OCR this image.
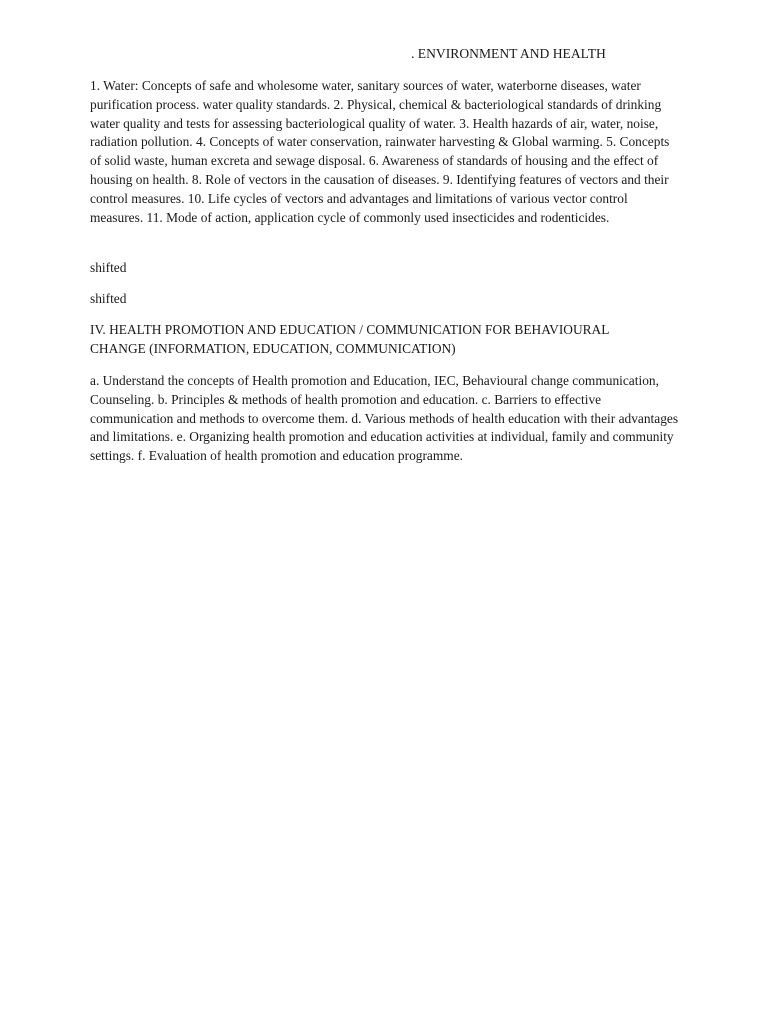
. ENVIRONMENT AND HEALTH

1. Water: Concepts of safe and wholesome water, sanitary sources of water, waterborne diseases, water purification process. water quality standards. 2. Physical, chemical & bacteriological standards of drinking water quality and tests for assessing bacteriological quality of water. 3. Health hazards of air, water, noise, radiation pollution. 4. Concepts of water conservation, rainwater harvesting & Global warming. 5. Concepts of solid waste, human excreta and sewage disposal. 6. Awareness of standards of housing and the effect of housing on health. 8. Role of vectors in the causation of diseases. 9. Identifying features of vectors and their control measures. 10. Life cycles of vectors and advantages and limitations of various vector control measures. 11. Mode of action, application cycle of commonly used insecticides and rodenticides.

shifted

shifted

IV. HEALTH PROMOTION AND EDUCATION / COMMUNICATION FOR BEHAVIOURAL CHANGE (INFORMATION, EDUCATION, COMMUNICATION)

a. Understand the concepts of Health promotion and Education, IEC, Behavioural change communication, Counseling. b. Principles & methods of health promotion and education. c. Barriers to effective communication and methods to overcome them. d. Various methods of health education with their advantages and limitations. e. Organizing health promotion and education activities at individual, family and community settings. f. Evaluation of health promotion and education programme.
